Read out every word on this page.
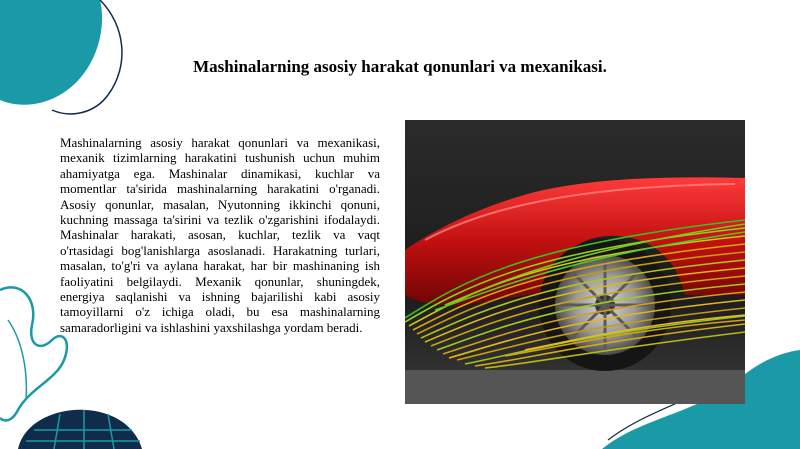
Mashinalarning asosiy harakat qonunlari va mexanikasi.

Mashinalarning asosiy harakat qonunlari va mexanikasi, mexanik tizimlarning harakatini tushunish uchun muhim ahamiyatga ega. Mashinalar dinamikasi, kuchlar va momentlar ta'sirida mashinalarning harakatini o'rganadi. Asosiy qonunlar, masalan, Nyutonning ikkinchi qonuni, kuchning massaga ta'sirini va tezlik o'zgarishini ifodalaydi. Mashinalar harakati, asosan, kuchlar, tezlik va vaqt o'rtasidagi bog'lanishlarga asoslanadi. Harakatning turlari, masalan, to'g'ri va aylana harakat, har bir mashinaning ish faoliyatini belgilaydi. Mexanik qonunlar, shuningdek, energiya saqlanishi va ishning bajarilishi kabi asosiy tamoyillarni o'z ichiga oladi, bu esa mashinalarning samaradorligini va ishlashini yaxshilashga yordam beradi.
